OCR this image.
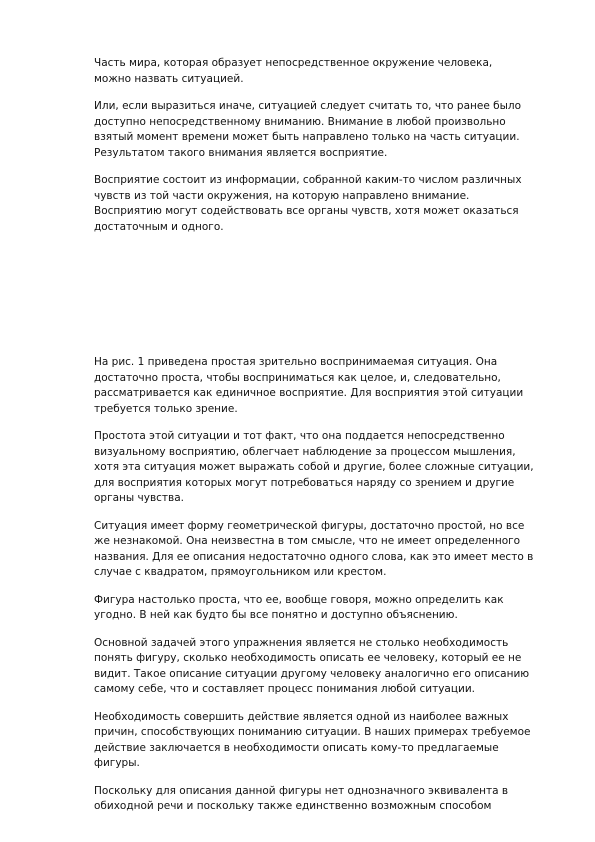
Часть мира, которая образует непосредственное окружение человека,
можно назвать ситуацией.

Или, если выразиться иначе, ситуацией следует считать то, что ранее было
доступно непосредственному вниманию. Внимание в любой произвольно
взятый момент времени может быть направлено только на часть ситуации.
Результатом такого внимания является восприятие.

Восприятие состоит из информации, собранной каким-то числом различных
чувств из той части окружения, на которую направлено внимание.
Восприятию могут содействовать все органы чувств, хотя может оказаться
достаточным и одного.

На рис. 1 приведена простая зрительно воспринимаемая ситуация. Она
достаточно проста, чтобы восприниматься как целое, и, следовательно,
рассматривается как единичное восприятие. Для восприятия этой ситуации
требуется только зрение.

Простота этой ситуации и тот факт, что она поддается непосредственно
визуальному восприятию, облегчает наблюдение за процессом мышления,
хотя эта ситуация может выражать собой и другие, более сложные ситуации,
для восприятия которых могут потребоваться наряду со зрением и другие
органы чувства.

Ситуация имеет форму геометрической фигуры, достаточно простой, но все
же незнакомой. Она неизвестна в том смысле, что не имеет определенного
названия. Для ее описания недостаточно одного слова, как это имеет место в
случае с квадратом, прямоугольником или крестом.

Фигура настолько проста, что ее, вообще говоря, можно определить как
угодно. В ней как будто бы все понятно и доступно объяснению.

Основной задачей этого упражнения является не столько необходимость
понять фигуру, сколько необходимость описать ее человеку, который ее не
видит. Такое описание ситуации другому человеку аналогично его описанию
самому себе, что и составляет процесс понимания любой ситуации.

Необходимость совершить действие является одной из наиболее важных
причин, способствующих пониманию ситуации. В наших примерах требуемое
действие заключается в необходимости описать кому-то предлагаемые
фигуры.

Поскольку для описания данной фигуры нет однозначного эквивалента в
обиходной речи и поскольку также единственно возможным способом
